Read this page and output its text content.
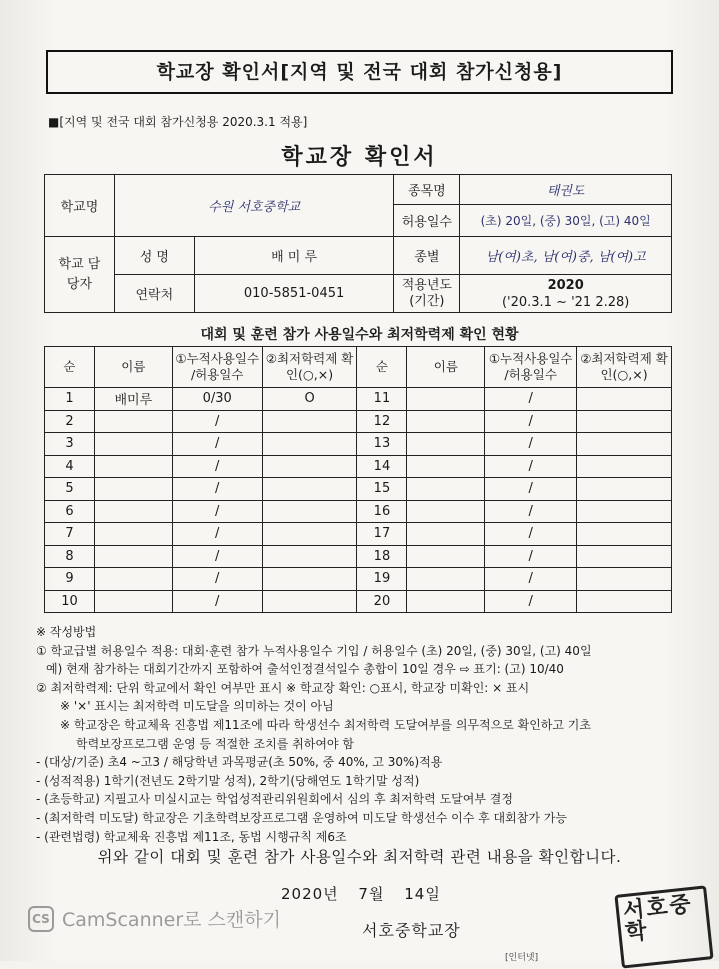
학교장 확인서[지역 및 전국 대회 참가신청용]
■[지역 및 전국 대회 참가신청용 2020.3.1 적용]
학교장 확인서
학교명	수원 서호중학교		종목명	태권도
			허용일수	(초) 20일, (중) 30일, (고) 40일
학교 담당자	성 명	배 미 루	종별	남(여)초, 남(여)중, 남(여)고
	연락처	010-5851-0451	적용년도 (기간)	2020
('20.3.1 ~ '21 2.28)
대회 및 훈련 참가 사용일수와 최저학력제 확인 현황
순	이름	①누적사용일수 /허용일수	②최저학력제 확인(○,×)	순	이름	①누적사용일수 /허용일수	②최저학력제 확인(○,×)
1	배미루	0/30	O	11		/	
2		/		12		/	
3		/		13		/	
4		/		14		/	
5		/		15		/	
6		/		16		/	
7		/		17		/	
8		/		18		/	
9		/		19		/	
10		/		20		/	
※ 작성방법
① 학교급별 허용일수 적용: 대회·훈련 참가 누적사용일수 기입 / 허용일수 (초) 20일, (중) 30일, (고) 40일
예) 현재 참가하는 대회기간까지 포함하여 출석인정결석일수 총합이 10일 경우 ⇨ 표기: (고) 10/40
② 최저학력제: 단위 학교에서 확인 여부만 표시 ※ 학교장 확인: ○표시, 학교장 미확인: × 표시
※ '×' 표시는 최저학력 미도달을 의미하는 것이 아님
※ 학교장은 학교체육 진흥법 제11조에 따라 학생선수 최저학력 도달여부를 의무적으로 확인하고 기초
학력보장프로그램 운영 등 적절한 조치를 취하여야 함
- (대상/기준) 초4 ~고3 / 해당학년 과목평균(초 50%, 중 40%, 고 30%)적용
- (성적적용) 1학기(전년도 2학기말 성적), 2학기(당해연도 1학기말 성적)
- (초등학교) 지필고사 미실시교는 학업성적관리위원회에서 심의 후 최저학력 도달여부 결정
- (최저학력 미도달) 학교장은 기초학력보장프로그램 운영하여 미도달 학생선수 이수 후 대회참가 가능
- (관련법령) 학교체육 진흥법 제11조, 동법 시행규칙 제6조
위와 같이 대회 및 훈련 참가 사용일수와 최저학력 관련 내용을 확인합니다.
2020년 7월 14일
서호중학교장
서호중학
CS CamScanner로 스캔하기
[인터넷]
